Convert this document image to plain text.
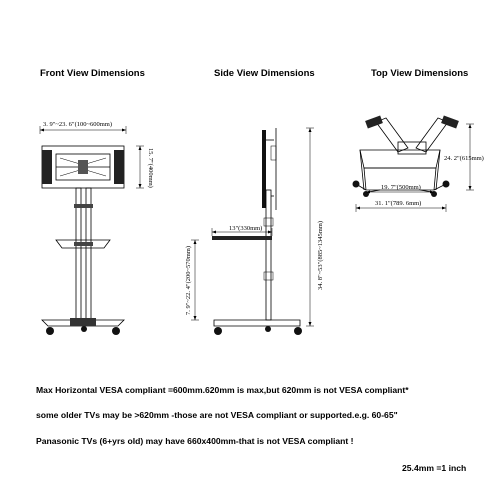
Front View Dimensions	Side View Dimensions	Top View Dimensions
3. 9"~23. 6"(100~600mm)
15. 7"(400mm)
13"(330mm)
7. 9"~22. 4"(200~570mm)	34. 8"~53"(885~1345mm)
24. 2"(615mm)
19. 7"(500mm)
31. 1"(789. 6mm)
Max Horizontal VESA compliant =600mm.620mm is max,but 620mm is not VESA compliant*
some older TVs may be >620mm -those are not VESA compliant or supported.e.g. 60-65"
Panasonic TVs (6+yrs old) may have 660x400mm-that is not VESA compliant !
25.4mm =1 inch
